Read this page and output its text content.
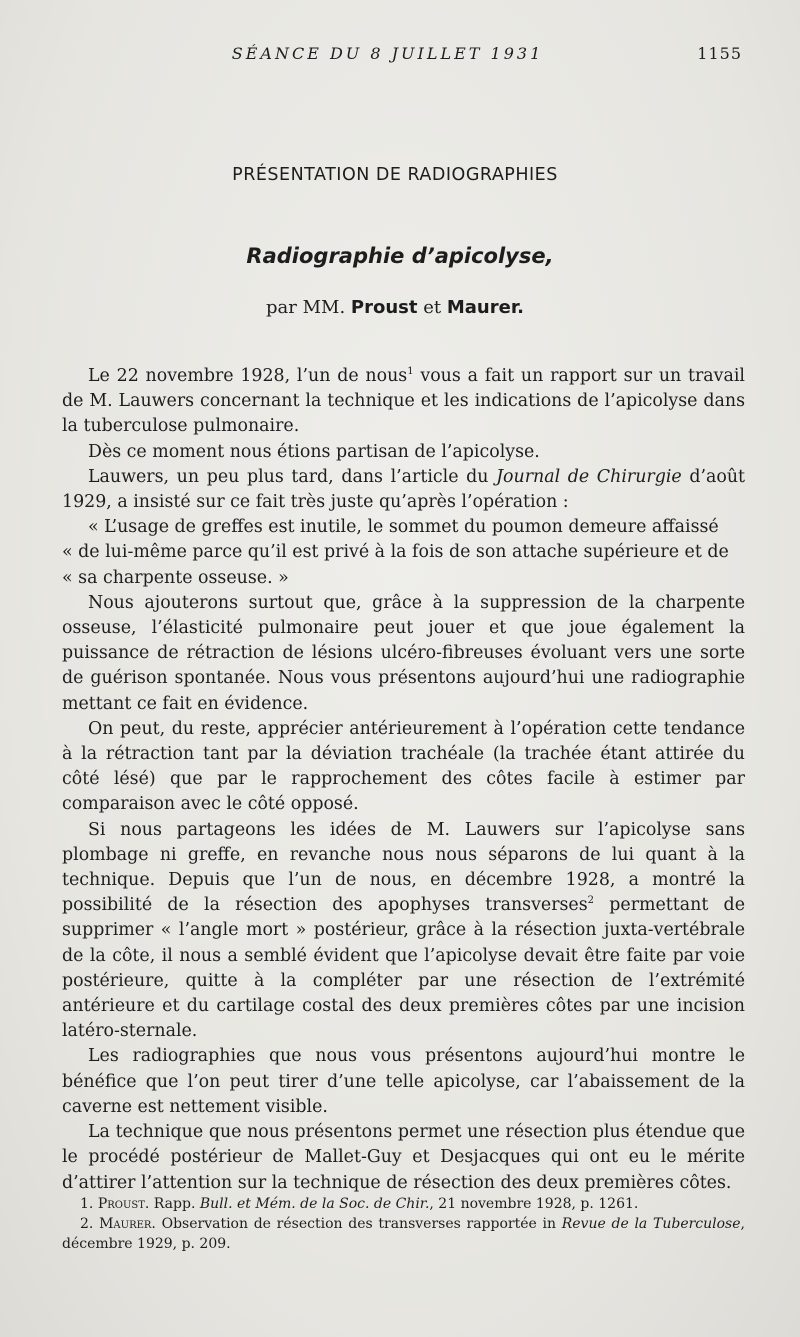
SÉANCE DU 8 JUILLET 1931	1155
PRÉSENTATION DE RADIOGRAPHIES
Radiographie d’apicolyse,
par MM. Proust et Maurer.

Le 22 novembre 1928, l’un de nous$^1$ vous a fait un rapport sur un travail de M. Lauwers concernant la technique et les indications de l’apicolyse dans la tuberculose pulmonaire.

Dès ce moment nous étions partisan de l’apicolyse.

Lauwers, un peu plus tard, dans l’article du Journal de Chirurgie d’août 1929, a insisté sur ce fait très juste qu’après l’opération :

« L’usage de greffes est inutile, le sommet du poumon demeure affaissé

« de lui-même parce qu’il est privé à la fois de son attache supérieure et de

« sa charpente osseuse. »

Nous ajouterons surtout que, grâce à la suppression de la charpente osseuse, l’élasticité pulmonaire peut jouer et que joue également la puissance de rétraction de lésions ulcéro-fibreuses évoluant vers une sorte de guérison spontanée. Nous vous présentons aujourd’hui une radiographie mettant ce fait en évidence.

On peut, du reste, apprécier antérieurement à l’opération cette tendance à la rétraction tant par la déviation trachéale (la trachée étant attirée du côté lésé) que par le rapprochement des côtes facile à estimer par comparaison avec le côté opposé.

Si nous partageons les idées de M. Lauwers sur l’apicolyse sans plombage ni greffe, en revanche nous nous séparons de lui quant à la technique. Depuis que l’un de nous, en décembre 1928, a montré la possibilité de la résection des apophyses transverses$^2$ permettant de supprimer « l’angle mort » postérieur, grâce à la résection juxta-vertébrale de la côte, il nous a semblé évident que l’apicolyse devait être faite par voie postérieure, quitte à la compléter par une résection de l’extrémité antérieure et du cartilage costal des deux premières côtes par une incision latéro-sternale.

Les radiographies que nous vous présentons aujourd’hui montre le bénéfice que l’on peut tirer d’une telle apicolyse, car l’abaissement de la caverne est nettement visible.

La technique que nous présentons permet une résection plus étendue que le procédé postérieur de Mallet-Guy et Desjacques qui ont eu le mérite d’attirer l’attention sur la technique de résection des deux premières côtes.

1. Proust. Rapp. Bull. et Mém. de la Soc. de Chir., 21 novembre 1928, p. 1261.

2. Maurer. Observation de résection des transverses rapportée in Revue de la Tuberculose, décembre 1929, p. 209.
